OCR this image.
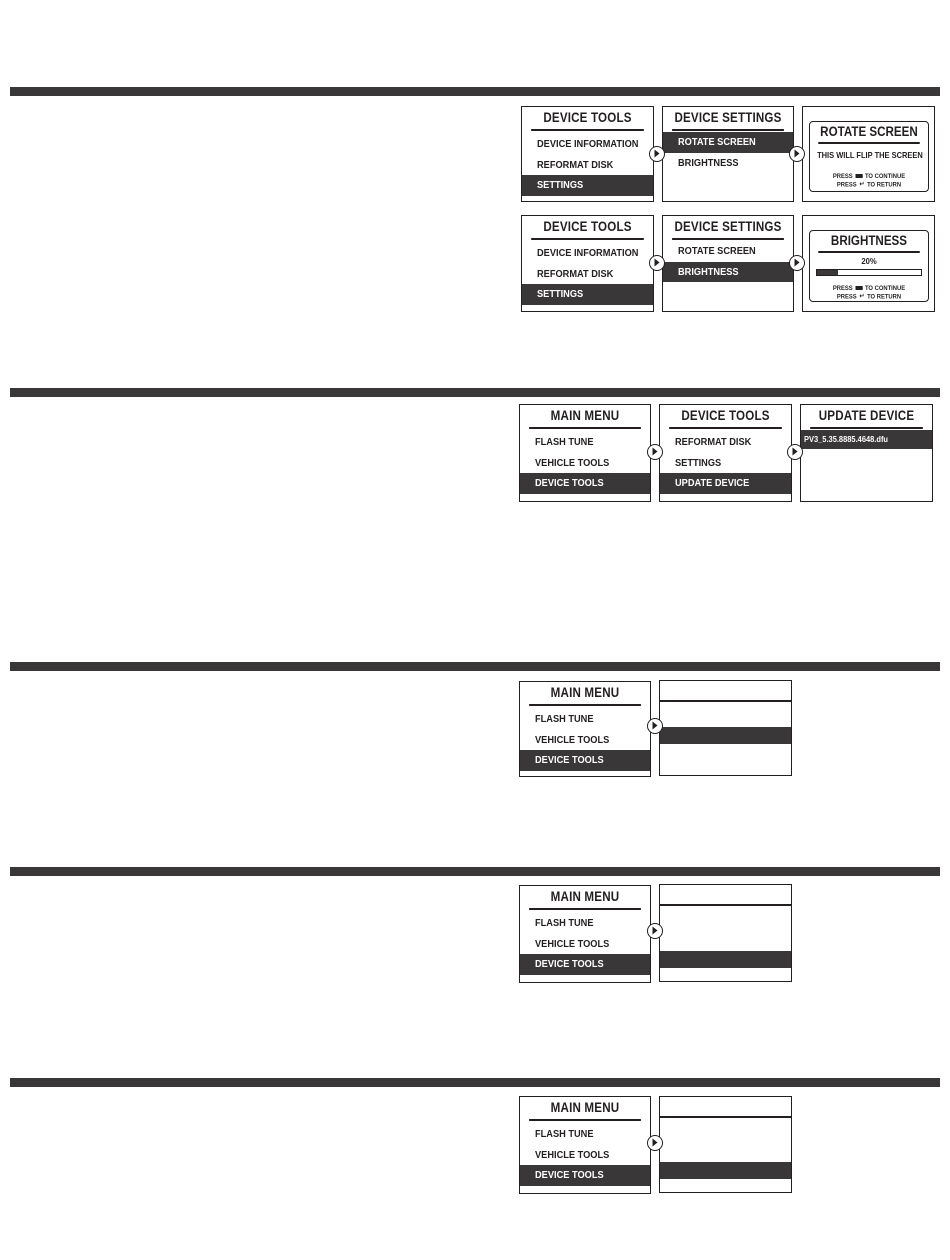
DEVICE TOOLS
DEVICE INFORMATION
REFORMAT DISK
SETTINGS
DEVICE SETTINGS
ROTATE SCREEN
BRIGHTNESS
ROTATE SCREEN
THIS WILL FLIP THE SCREEN
PRESS TO CONTINUE
PRESS ↵ TO RETURN
DEVICE TOOLS
DEVICE INFORMATION
REFORMAT DISK
SETTINGS
DEVICE SETTINGS
ROTATE SCREEN
BRIGHTNESS
BRIGHTNESS
20%
PRESS TO CONTINUE
PRESS ↵ TO RETURN
MAIN MENU
FLASH TUNE
VEHICLE TOOLS
DEVICE TOOLS
DEVICE TOOLS
REFORMAT DISK
SETTINGS
UPDATE DEVICE
UPDATE DEVICE
PV3_5.35.8885.4648.dfu
MAIN MENU
FLASH TUNE
VEHICLE TOOLS
DEVICE TOOLS
MAIN MENU
FLASH TUNE
VEHICLE TOOLS
DEVICE TOOLS
MAIN MENU
FLASH TUNE
VEHICLE TOOLS
DEVICE TOOLS
